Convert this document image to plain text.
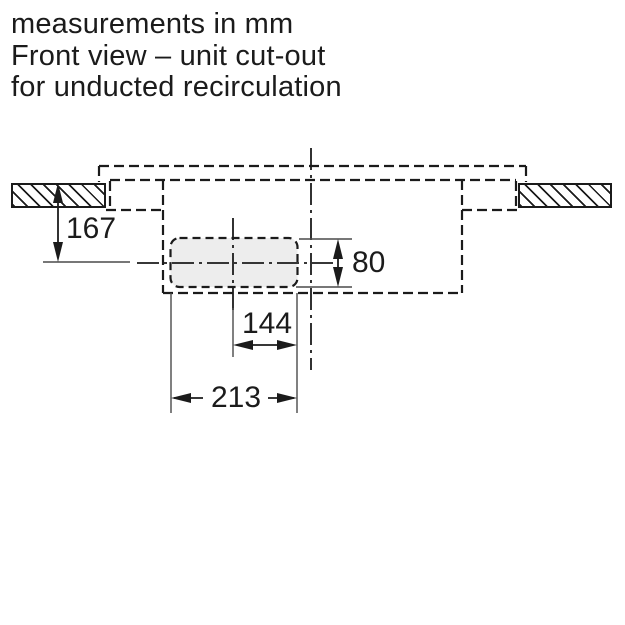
measurements in mm
Front view – unit cut-out
for unducted recirculation
167
80
144
213
